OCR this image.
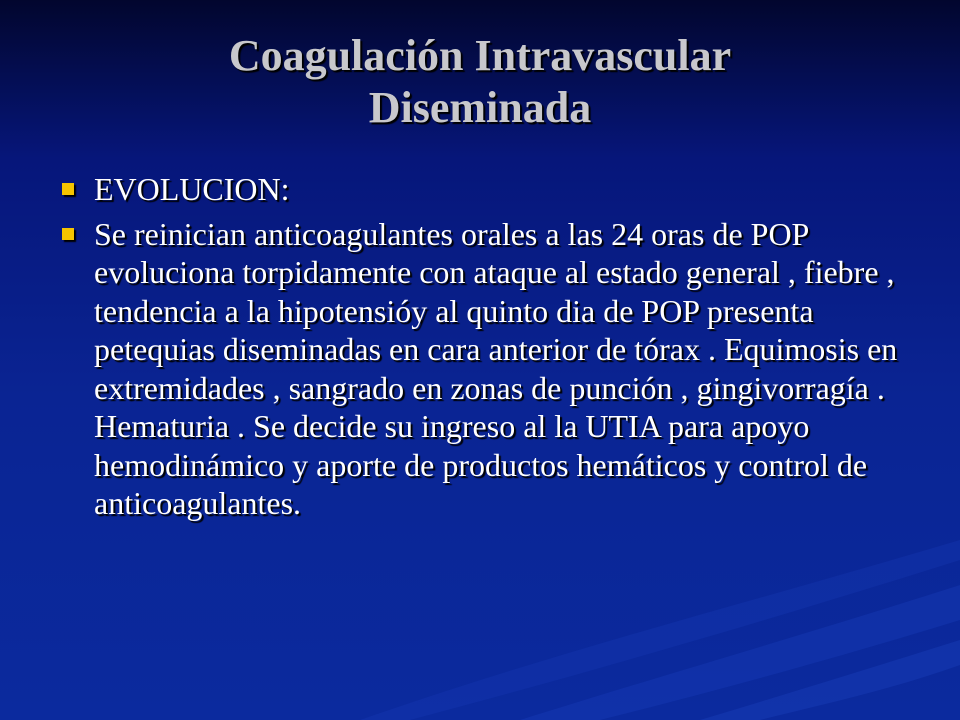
Coagulación Intravascular
Diseminada
EVOLUCION:
Se reinician anticoagulantes orales a las 24 oras de POP evoluciona torpidamente con ataque al estado general , fiebre , tendencia a la hipotensióy al quinto dia de POP presenta petequias diseminadas en cara anterior de tórax . Equimosis en extremidades , sangrado en zonas de punción , gingivorragía . Hematuria . Se decide su ingreso al la UTIA para apoyo hemodinámico y aporte de productos hemáticos y control de anticoagulantes.
